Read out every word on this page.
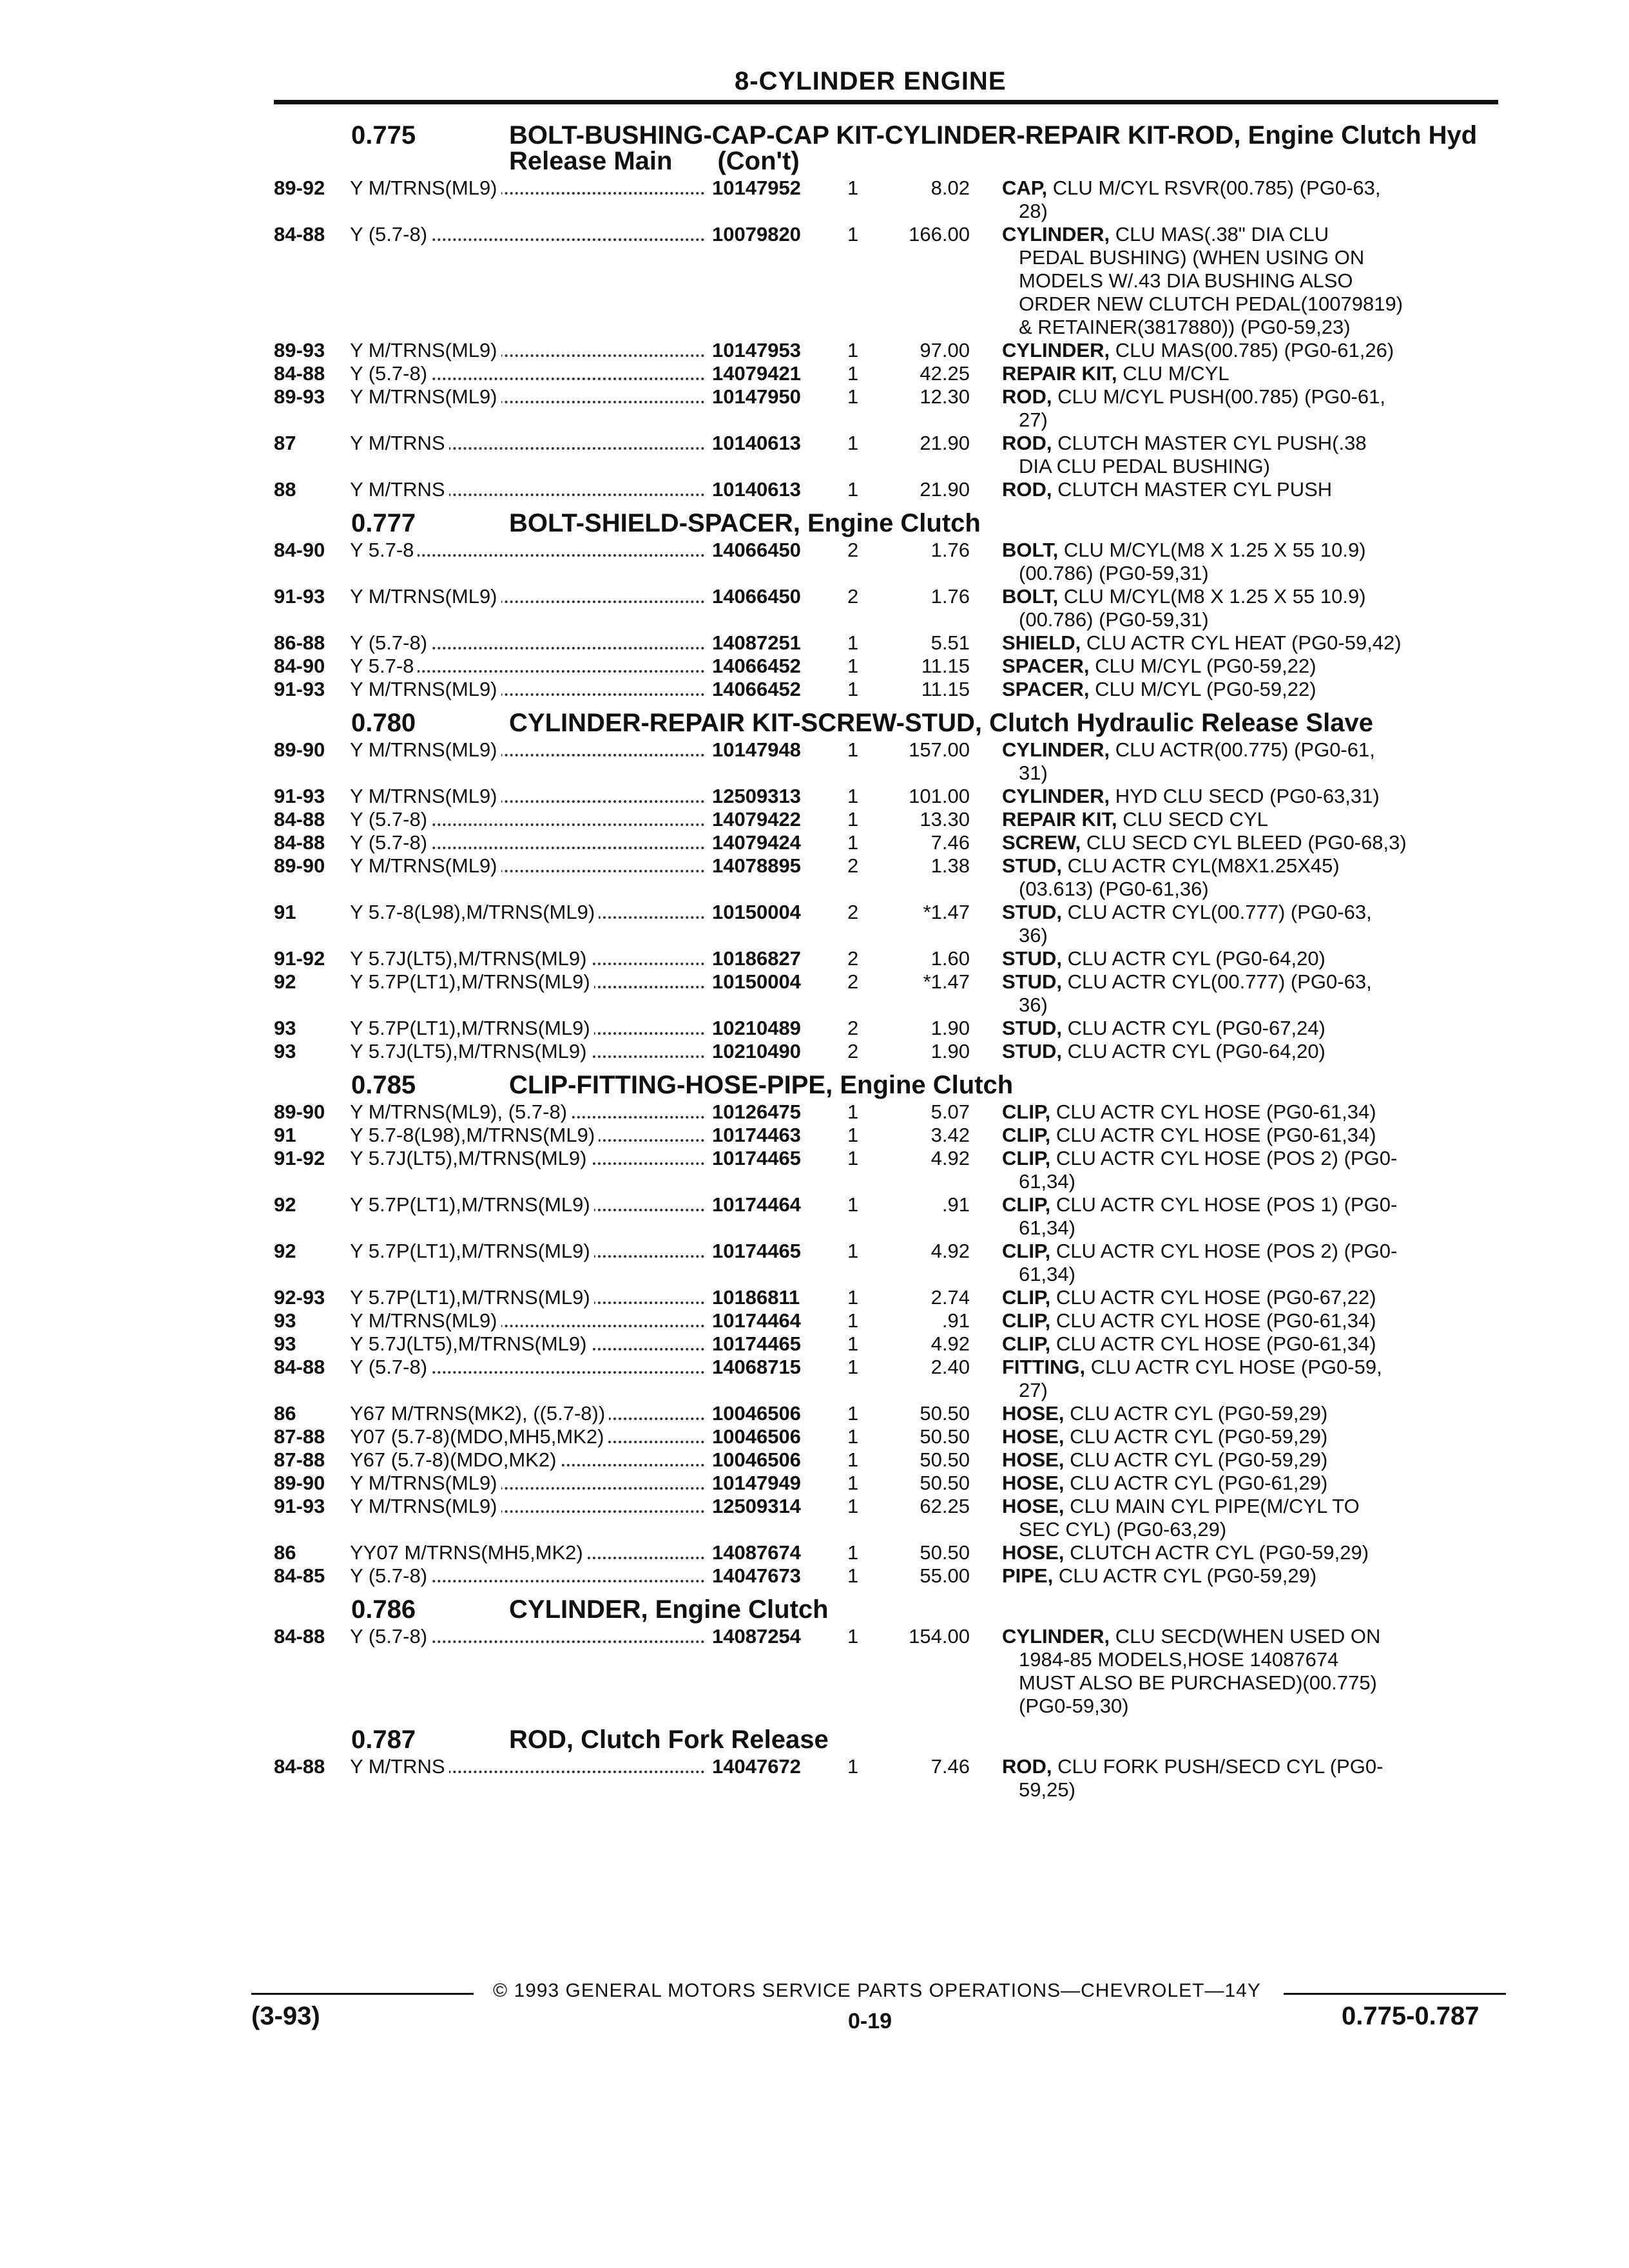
8-CYLINDER ENGINE
0.775	BOLT-BUSHING-CAP-CAP KIT-CYLINDER-REPAIR KIT-ROD, Engine Clutch Hyd Release Main (Con't)
89-92	Y M/TRNS(ML9)	10147952	1	8.02	CAP, CLU M/CYL RSVR(00.785) (PG0-63,
28)
84-88	Y (5.7-8)	10079820	1	166.00	CYLINDER, CLU MAS(.38" DIA CLU
PEDAL BUSHING) (WHEN USING ON
MODELS W/.43 DIA BUSHING ALSO
ORDER NEW CLUTCH PEDAL(10079819)
& RETAINER(3817880)) (PG0-59,23)
89-93	Y M/TRNS(ML9)	10147953	1	97.00	CYLINDER, CLU MAS(00.785) (PG0-61,26)
84-88	Y (5.7-8)	14079421	1	42.25	REPAIR KIT, CLU M/CYL
89-93	Y M/TRNS(ML9)	10147950	1	12.30	ROD, CLU M/CYL PUSH(00.785) (PG0-61,
27)
87	Y M/TRNS	10140613	1	21.90	ROD, CLUTCH MASTER CYL PUSH(.38
DIA CLU PEDAL BUSHING)
88	Y M/TRNS	10140613	1	21.90	ROD, CLUTCH MASTER CYL PUSH
0.777	BOLT-SHIELD-SPACER, Engine Clutch
84-90	Y 5.7-8	14066450	2	1.76	BOLT, CLU M/CYL(M8 X 1.25 X 55 10.9)
(00.786) (PG0-59,31)
91-93	Y M/TRNS(ML9)	14066450	2	1.76	BOLT, CLU M/CYL(M8 X 1.25 X 55 10.9)
(00.786) (PG0-59,31)
86-88	Y (5.7-8)	14087251	1	5.51	SHIELD, CLU ACTR CYL HEAT (PG0-59,42)
84-90	Y 5.7-8	14066452	1	11.15	SPACER, CLU M/CYL (PG0-59,22)
91-93	Y M/TRNS(ML9)	14066452	1	11.15	SPACER, CLU M/CYL (PG0-59,22)
0.780	CYLINDER-REPAIR KIT-SCREW-STUD, Clutch Hydraulic Release Slave
89-90	Y M/TRNS(ML9)	10147948	1	157.00	CYLINDER, CLU ACTR(00.775) (PG0-61,
31)
91-93	Y M/TRNS(ML9)	12509313	1	101.00	CYLINDER, HYD CLU SECD (PG0-63,31)
84-88	Y (5.7-8)	14079422	1	13.30	REPAIR KIT, CLU SECD CYL
84-88	Y (5.7-8)	14079424	1	7.46	SCREW, CLU SECD CYL BLEED (PG0-68,3)
89-90	Y M/TRNS(ML9)	14078895	2	1.38	STUD, CLU ACTR CYL(M8X1.25X45)
(03.613) (PG0-61,36)
91	Y 5.7-8(L98),M/TRNS(ML9)	10150004	2	*1.47	STUD, CLU ACTR CYL(00.777) (PG0-63,
36)
91-92	Y 5.7J(LT5),M/TRNS(ML9)	10186827	2	1.60	STUD, CLU ACTR CYL (PG0-64,20)
92	Y 5.7P(LT1),M/TRNS(ML9)	10150004	2	*1.47	STUD, CLU ACTR CYL(00.777) (PG0-63,
36)
93	Y 5.7P(LT1),M/TRNS(ML9)	10210489	2	1.90	STUD, CLU ACTR CYL (PG0-67,24)
93	Y 5.7J(LT5),M/TRNS(ML9)	10210490	2	1.90	STUD, CLU ACTR CYL (PG0-64,20)
0.785	CLIP-FITTING-HOSE-PIPE, Engine Clutch
89-90	Y M/TRNS(ML9), (5.7-8)	10126475	1	5.07	CLIP, CLU ACTR CYL HOSE (PG0-61,34)
91	Y 5.7-8(L98),M/TRNS(ML9)	10174463	1	3.42	CLIP, CLU ACTR CYL HOSE (PG0-61,34)
91-92	Y 5.7J(LT5),M/TRNS(ML9)	10174465	1	4.92	CLIP, CLU ACTR CYL HOSE (POS 2) (PG0-
61,34)
92	Y 5.7P(LT1),M/TRNS(ML9)	10174464	1	.91	CLIP, CLU ACTR CYL HOSE (POS 1) (PG0-
61,34)
92	Y 5.7P(LT1),M/TRNS(ML9)	10174465	1	4.92	CLIP, CLU ACTR CYL HOSE (POS 2) (PG0-
61,34)
92-93	Y 5.7P(LT1),M/TRNS(ML9)	10186811	1	2.74	CLIP, CLU ACTR CYL HOSE (PG0-67,22)
93	Y M/TRNS(ML9)	10174464	1	.91	CLIP, CLU ACTR CYL HOSE (PG0-61,34)
93	Y 5.7J(LT5),M/TRNS(ML9)	10174465	1	4.92	CLIP, CLU ACTR CYL HOSE (PG0-61,34)
84-88	Y (5.7-8)	14068715	1	2.40	FITTING, CLU ACTR CYL HOSE (PG0-59,
27)
86	Y67 M/TRNS(MK2), ((5.7-8))	10046506	1	50.50	HOSE, CLU ACTR CYL (PG0-59,29)
87-88	Y07 (5.7-8)(MDO,MH5,MK2)	10046506	1	50.50	HOSE, CLU ACTR CYL (PG0-59,29)
87-88	Y67 (5.7-8)(MDO,MK2)	10046506	1	50.50	HOSE, CLU ACTR CYL (PG0-59,29)
89-90	Y M/TRNS(ML9)	10147949	1	50.50	HOSE, CLU ACTR CYL (PG0-61,29)
91-93	Y M/TRNS(ML9)	12509314	1	62.25	HOSE, CLU MAIN CYL PIPE(M/CYL TO
SEC CYL) (PG0-63,29)
86	YY07 M/TRNS(MH5,MK2)	14087674	1	50.50	HOSE, CLUTCH ACTR CYL (PG0-59,29)
84-85	Y (5.7-8)	14047673	1	55.00	PIPE, CLU ACTR CYL (PG0-59,29)
0.786	CYLINDER, Engine Clutch
84-88	Y (5.7-8)	14087254	1	154.00	CYLINDER, CLU SECD(WHEN USED ON
1984-85 MODELS,HOSE 14087674
MUST ALSO BE PURCHASED)(00.775)
(PG0-59,30)
0.787	ROD, Clutch Fork Release
84-88	Y M/TRNS	14047672	1	7.46	ROD, CLU FORK PUSH/SECD CYL (PG0-
59,25)
© 1993 GENERAL MOTORS SERVICE PARTS OPERATIONS—CHEVROLET—14Y
(3-93)	0-19	0.775-0.787
